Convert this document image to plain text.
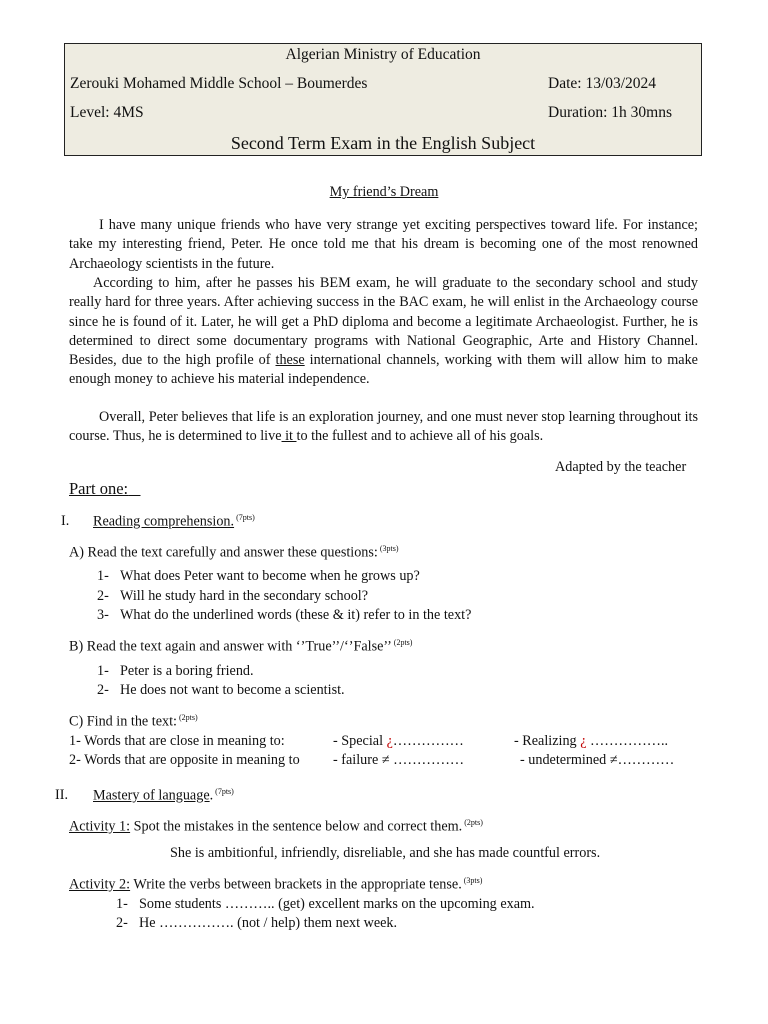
Algerian Ministry of Education
Zerouki Mohamed Middle School – Boumerdes	Date: 13/03/2024
Level: 4MS	Duration: 1h 30mns
Second Term Exam in the English Subject
My friend’s Dream
I have many unique friends who have very strange yet exciting perspectives toward life. For instance; take my interesting friend, Peter. He once told me that his dream is becoming one of the most renowned Archaeology scientists in the future.
According to him, after he passes his BEM exam, he will graduate to the secondary school and study really hard for three years. After achieving success in the BAC exam, he will enlist in the Archaeology course since he is found of it. Later, he will get a PhD diploma and become a legitimate Archaeologist. Further, he is determined to direct some documentary programs with National Geographic, Arte and History Channel. Besides, due to the high profile of these international channels, working with them will allow him to make enough money to achieve his material independence.
Overall, Peter believes that life is an exploration journey, and one must never stop learning throughout its course. Thus, he is determined to live it to the fullest and to achieve all of his goals.
Adapted by the teacher
Part one:
I. Reading comprehension. $^{(7pts)}$
A) Read the text carefully and answer these questions: $^{(3pts)}$
1- What does Peter want to become when he grows up?
2- Will he study hard in the secondary school?
3- What do the underlined words (these & it) refer to in the text?
B) Read the text again and answer with ‘’True’’/‘’False’’ $^{(2pts)}$
1- Peter is a boring friend.
2- He does not want to become a scientist.
C) Find in the text: $^{(2pts)}$
1- Words that are close in meaning to:	- Special ¿……………	- Realizing ¿ ……………..
2- Words that are opposite in meaning to - failure ≠ ……………	- undetermined ≠…………
II. Mastery of language. $^{(7pts)}$
Activity 1: Spot the mistakes in the sentence below and correct them. $^{(2pts)}$
She is ambitionful, infriendly, disreliable, and she has made countful errors.
Activity 2: Write the verbs between brackets in the appropriate tense. $^{(3pts)}$
1- Some students ……….. (get) excellent marks on the upcoming exam.
2- He ……………. (not / help) them next week.
